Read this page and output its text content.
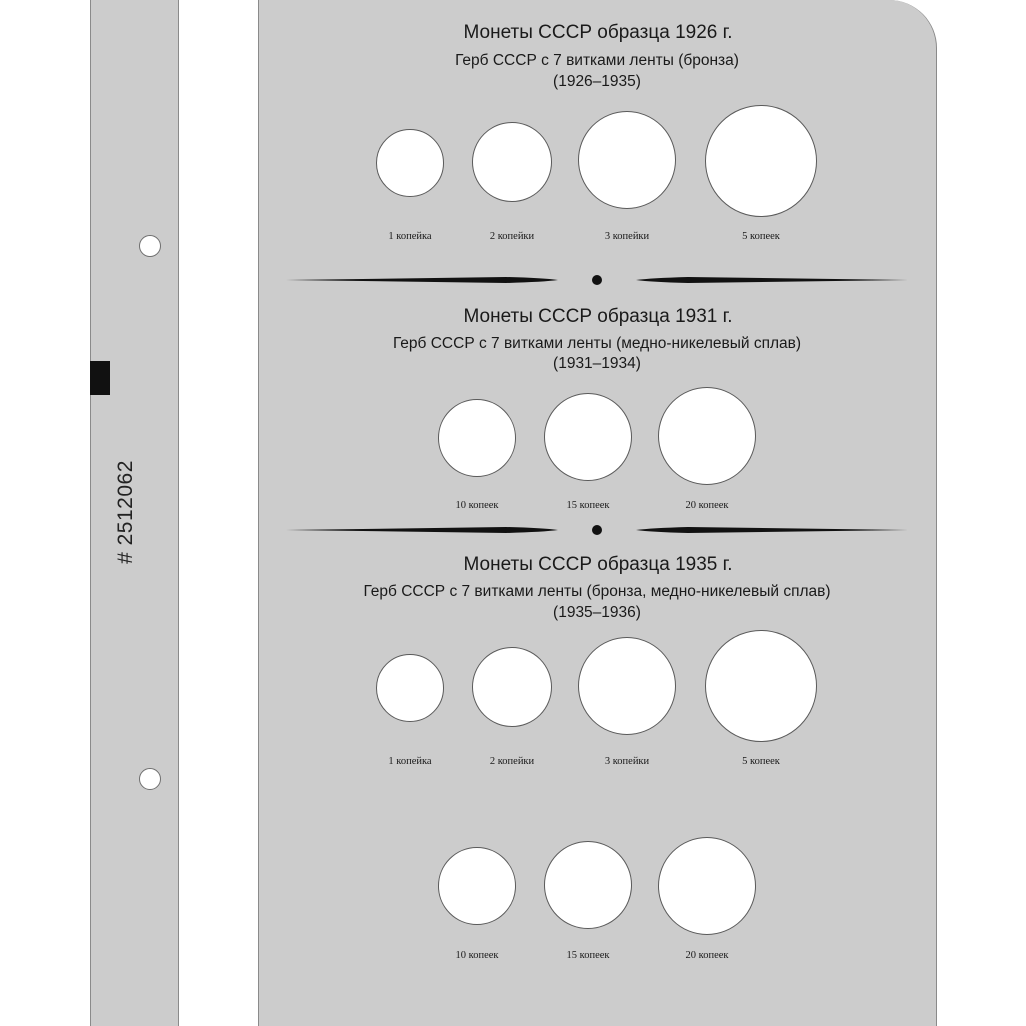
# 2512062
Монеты СССР образца 1926 г.
Герб СССР с 7 витками ленты (бронза)
(1926–1935)
1 копейка	2 копейки	3 копейки	5 копеек
Монеты СССР образца 1931 г.
Герб СССР с 7 витками ленты (медно-никелевый сплав)
(1931–1934)
10 копеек	15 копеек	20 копеек
Монеты СССР образца 1935 г.
Герб СССР с 7 витками ленты (бронза, медно-никелевый сплав)
(1935–1936)
1 копейка	2 копейки	3 копейки	5 копеек
10 копеек	15 копеек	20 копеек
